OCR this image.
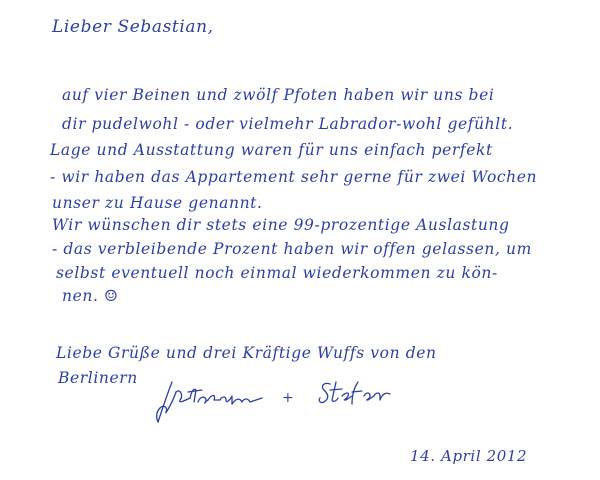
Lieber Sebastian,
auf vier Beinen und zwölf Pfoten haben wir uns bei
dir pudelwohl - oder vielmehr Labrador-wohl gefühlt.
Lage und Ausstattung waren für uns einfach perfekt
- wir haben das Appartement sehr gerne für zwei Wochen
unser zu Hause genannt.
Wir wünschen dir stets eine 99-prozentige Auslastung
- das verbleibende Prozent haben wir offen gelassen, um
selbst eventuell noch einmal wiederkommen zu kön-
nen. ☺
Liebe Grüße und drei Kräftige Wuffs von den
Berlinern
+
14. April 2012
